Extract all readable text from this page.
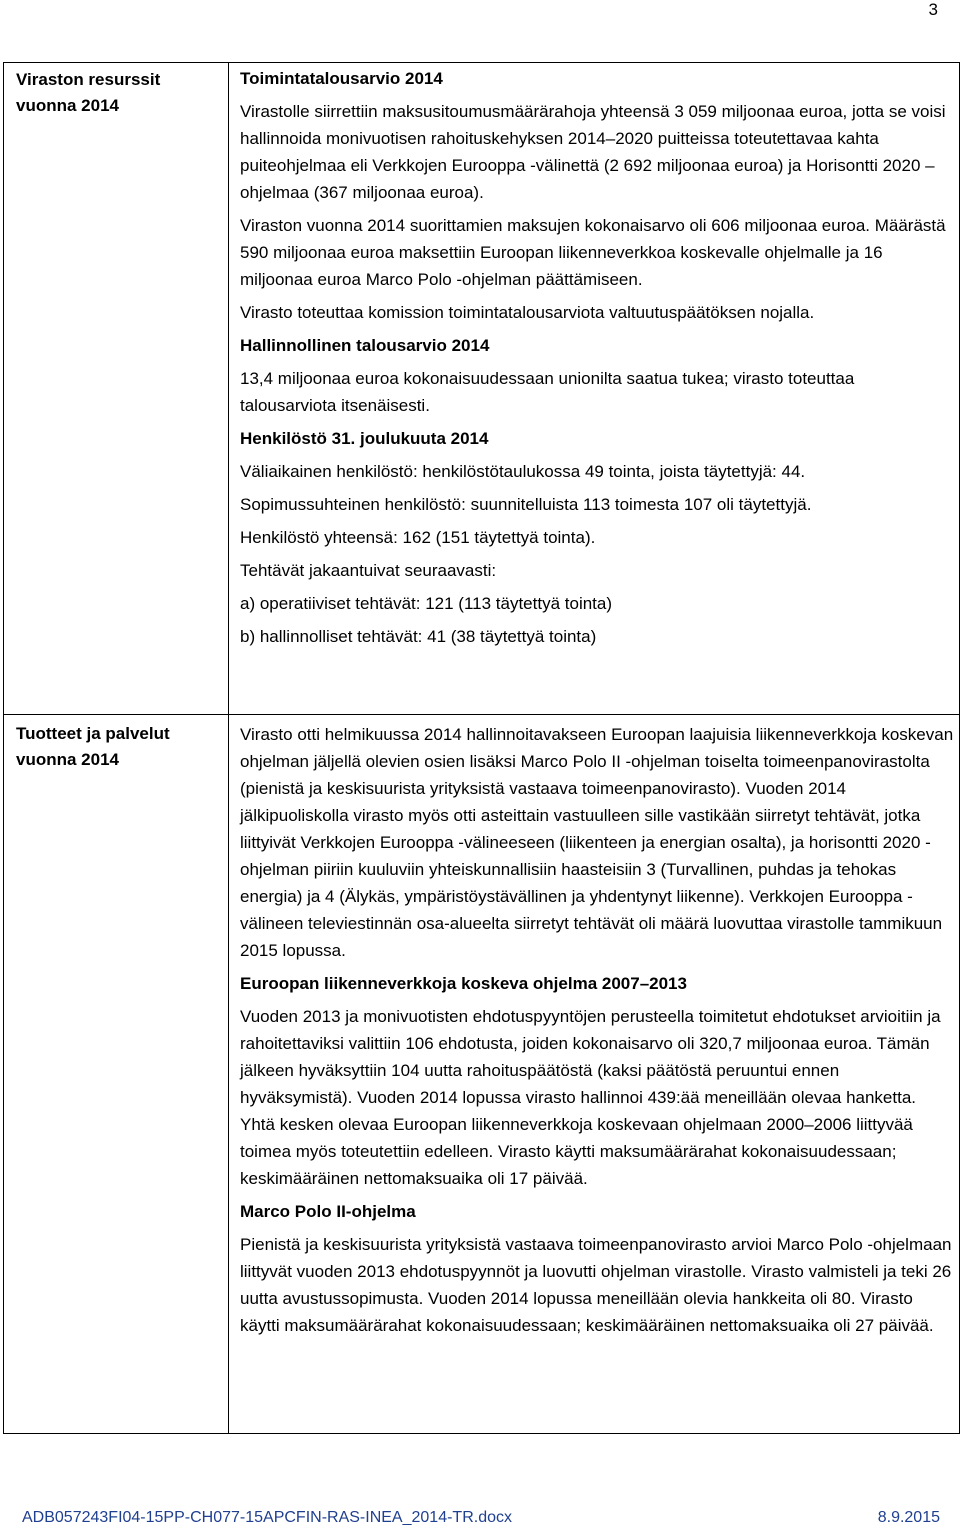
3
Viraston resurssit vuonna 2014
Toimintatalousarvio 2014

Virastolle siirrettiin maksusitoumusmäärärahoja yhteensä 3 059 miljoonaa euroa, jotta se voisi hallinnoida monivuotisen rahoituskehyksen 2014–2020 puitteissa toteutettavaa kahta puiteohjelmaa eli Verkkojen Eurooppa -välinettä (2 692 miljoonaa euroa) ja Horisontti 2020 –ohjelmaa (367 miljoonaa euroa).

Viraston vuonna 2014 suorittamien maksujen kokonaisarvo oli 606 miljoonaa euroa. Määrästä 590 miljoonaa euroa maksettiin Euroopan liikenneverkkoa koskevalle ohjelmalle ja 16 miljoonaa euroa Marco Polo -ohjelman päättämiseen.

Virasto toteuttaa komission toimintatalousarviota valtuutuspäätöksen nojalla.

Hallinnollinen talousarvio 2014

13,4 miljoonaa euroa kokonaisuudessaan unionilta saatua tukea; virasto toteuttaa talousarviota itsenäisesti.

Henkilöstö 31. joulukuuta 2014

Väliaikainen henkilöstö: henkilöstötaulukossa 49 tointa, joista täytettyjä: 44.

Sopimussuhteinen henkilöstö: suunnitelluista 113 toimesta 107 oli täytettyjä.

Henkilöstö yhteensä: 162 (151 täytettyä tointa).

Tehtävät jakaantuivat seuraavasti:

a) operatiiviset tehtävät: 121 (113 täytettyä tointa)

b) hallinnolliset tehtävät: 41 (38 täytettyä tointa)

Tuotteet ja palvelut vuonna 2014

Virasto otti helmikuussa 2014 hallinnoitavakseen Euroopan laajuisia liikenneverkkoja koskevan ohjelman jäljellä olevien osien lisäksi Marco Polo II -ohjelman toiselta toimeenpanovirastolta (pienistä ja keskisuurista yrityksistä vastaava toimeenpanovirasto). Vuoden 2014 jälkipuoliskolla virasto myös otti asteittain vastuulleen sille vastikään siirretyt tehtävät, jotka liittyivät Verkkojen Eurooppa -välineeseen (liikenteen ja energian osalta), ja horisontti 2020 -ohjelman piiriin kuuluviin yhteiskunnallisiin haasteisiin 3 (Turvallinen, puhdas ja tehokas energia) ja 4 (Älykäs, ympäristöystävällinen ja yhdentynyt liikenne). Verkkojen Eurooppa -välineen televiestinnän osa-alueelta siirretyt tehtävät oli määrä luovuttaa virastolle tammikuun 2015 lopussa.

Euroopan liikenneverkkoja koskeva ohjelma 2007–2013

Vuoden 2013 ja monivuotisten ehdotuspyyntöjen perusteella toimitetut ehdotukset arvioitiin ja rahoitettaviksi valittiin 106 ehdotusta, joiden kokonaisarvo oli 320,7 miljoonaa euroa. Tämän jälkeen hyväksyttiin 104 uutta rahoituspäätöstä (kaksi päätöstä peruuntui ennen hyväksymistä). Vuoden 2014 lopussa virasto hallinnoi 439:ää meneillään olevaa hanketta. Yhtä kesken olevaa Euroopan liikenneverkkoja koskevaan ohjelmaan 2000–2006 liittyvää toimea myös toteutettiin edelleen. Virasto käytti maksumäärärahat kokonaisuudessaan; keskimääräinen nettomaksuaika oli 17 päivää.

Marco Polo II-ohjelma

Pienistä ja keskisuurista yrityksistä vastaava toimeenpanovirasto arvioi Marco Polo -ohjelmaan liittyvät vuoden 2013 ehdotuspyynnöt ja luovutti ohjelman virastolle. Virasto valmisteli ja teki 26 uutta avustussopimusta. Vuoden 2014 lopussa meneillään olevia hankkeita oli 80. Virasto käytti maksumäärärahat kokonaisuudessaan; keskimääräinen nettomaksuaika oli 27 päivää.

ADB057243FI04-15PP-CH077-15APCFIN-RAS-INEA_2014-TR.docx	8.9.2015
